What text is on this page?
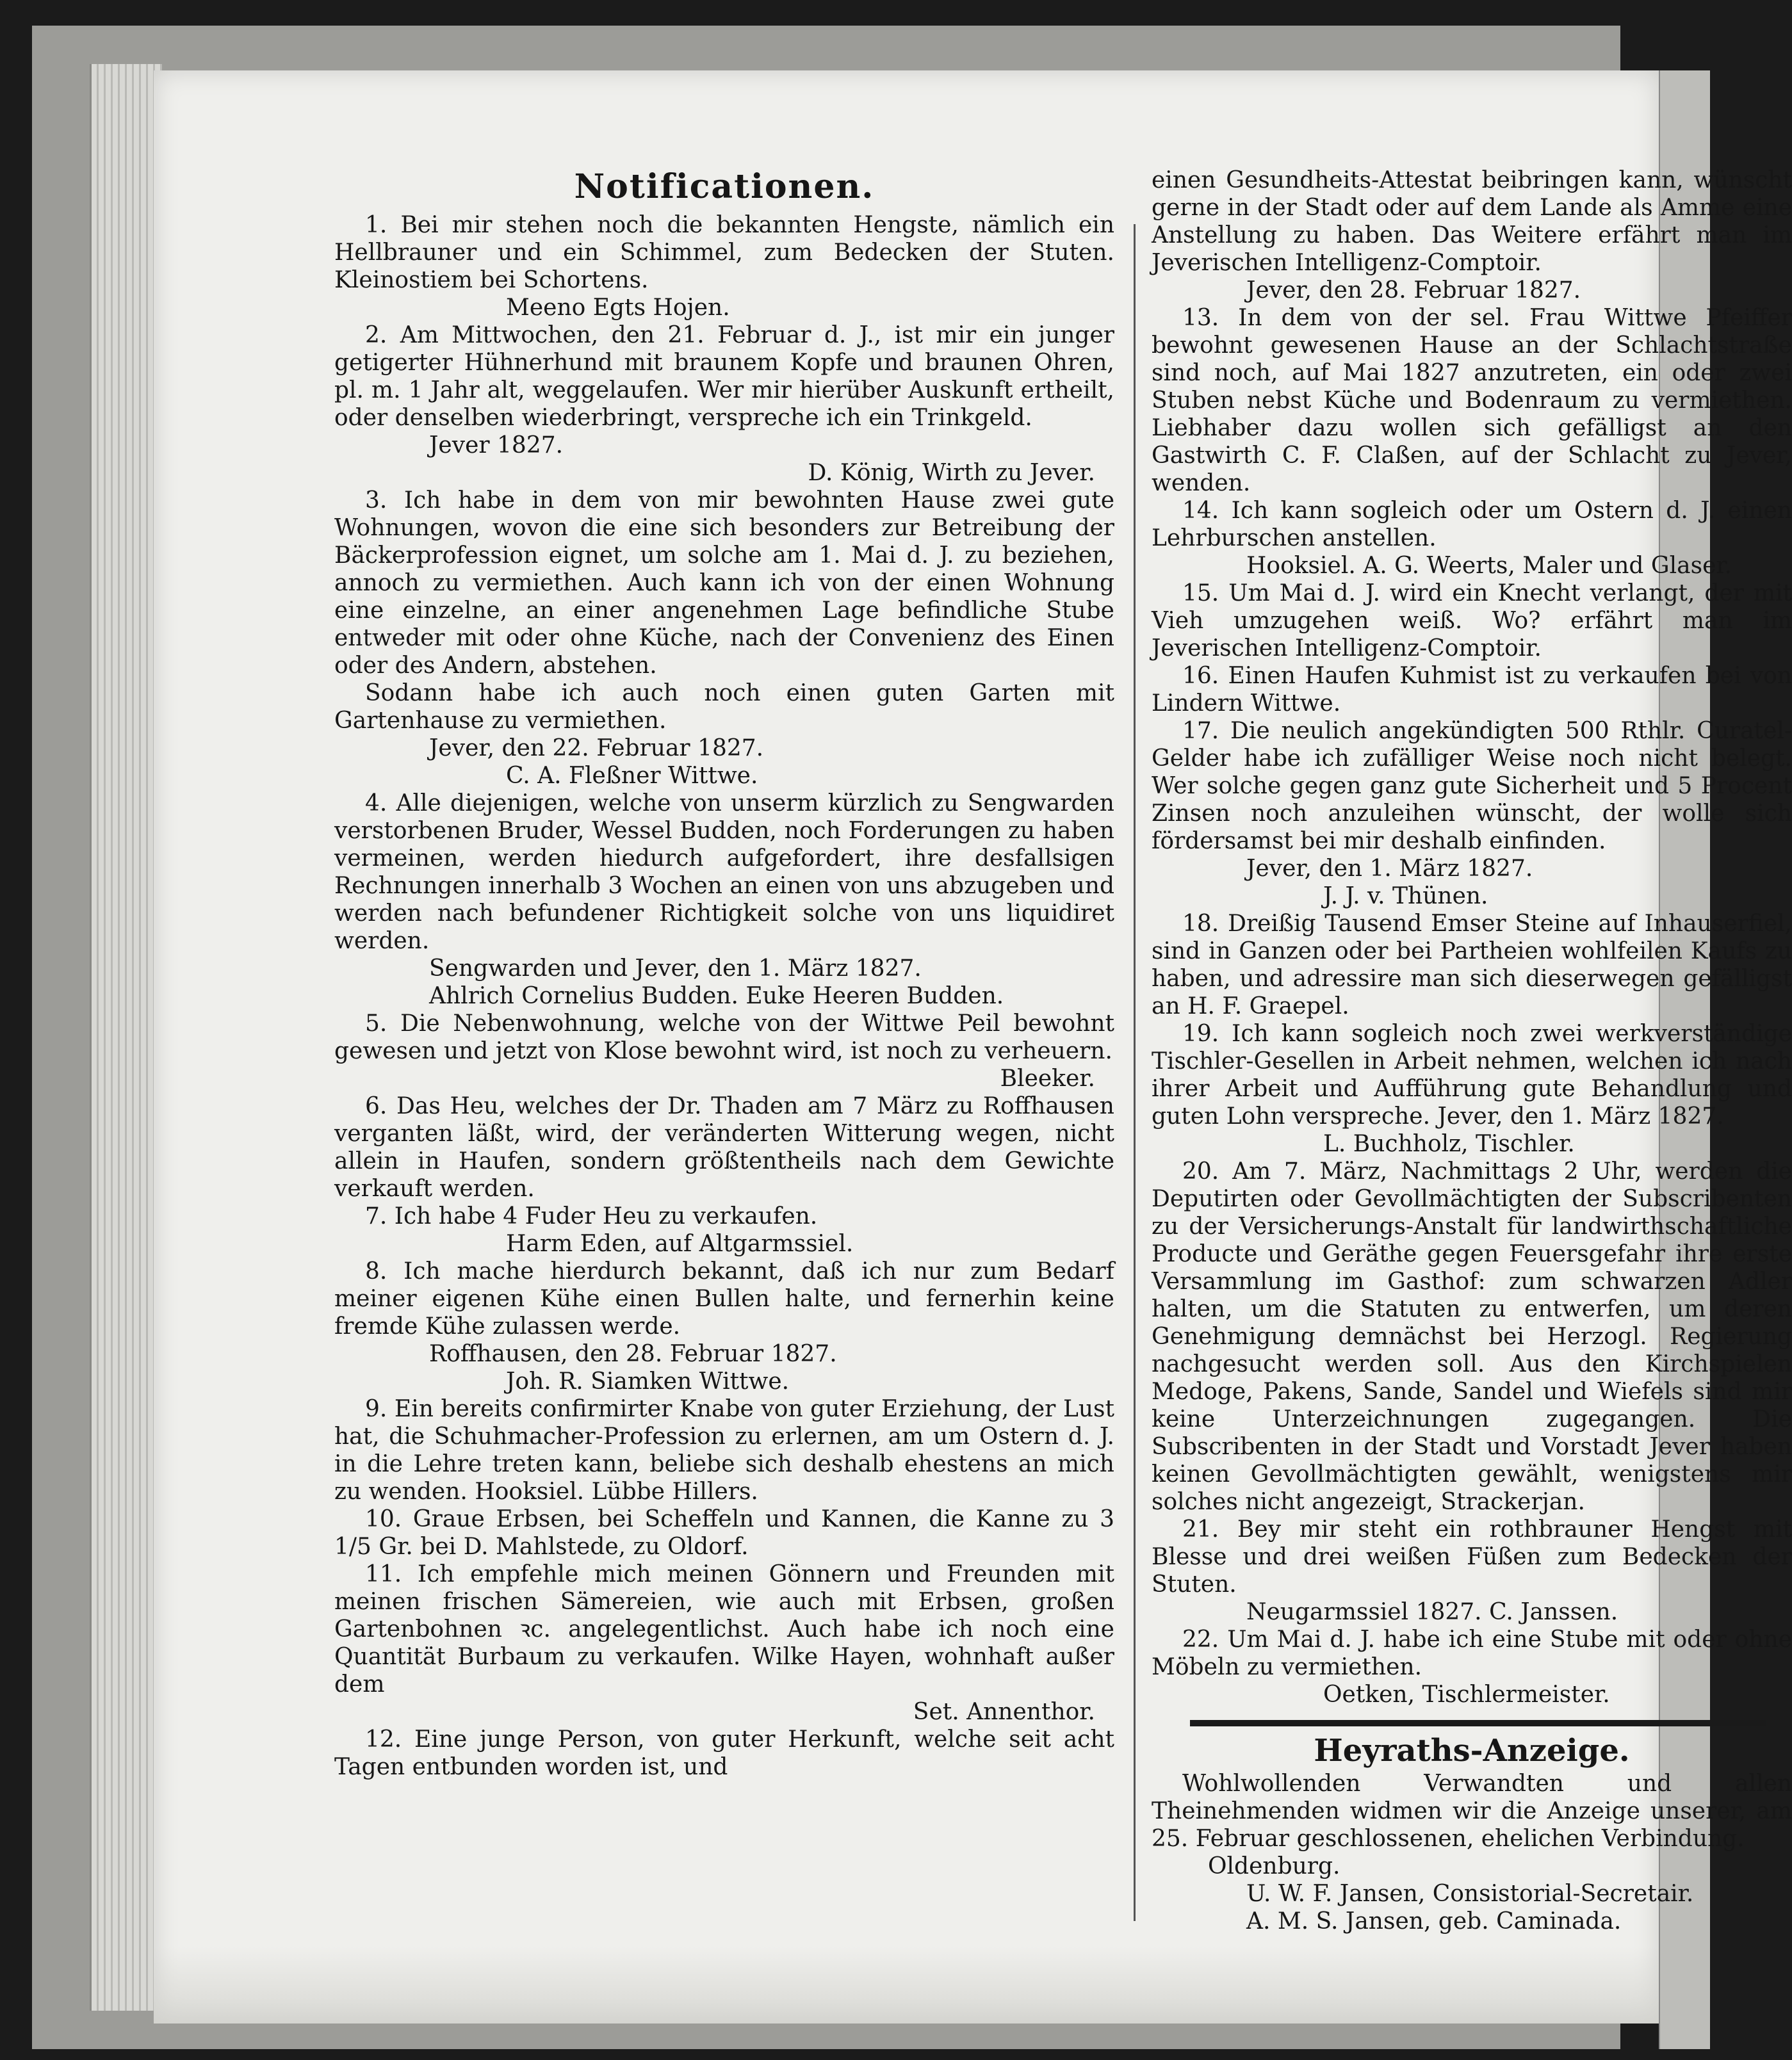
Notificationen.

1. Bei mir stehen noch die bekannten Hengste, nämlich ein Hellbrauner und ein Schimmel, zum Bedecken der Stuten. Kleinostiem bei Schortens.

Meeno Egts Hojen.

2. Am Mittwochen, den 21. Februar d. J., ist mir ein junger getigerter Hühnerhund mit braunem Kopfe und braunen Ohren, pl. m. 1 Jahr alt, weggelaufen. Wer mir hierüber Auskunft ertheilt, oder denselben wiederbringt, verspreche ich ein Trinkgeld.

Jever 1827.

D. König, Wirth zu Jever.

3. Ich habe in dem von mir bewohnten Hause zwei gute Wohnungen, wovon die eine sich besonders zur Betreibung der Bäckerprofession eignet, um solche am 1. Mai d. J. zu beziehen, annoch zu vermiethen. Auch kann ich von der einen Wohnung eine einzelne, an einer angenehmen Lage befindliche Stube entweder mit oder ohne Küche, nach der Convenienz des Einen oder des Andern, abstehen.

Sodann habe ich auch noch einen guten Garten mit Gartenhause zu vermiethen.

Jever, den 22. Februar 1827.

C. A. Fleßner Wittwe.

4. Alle diejenigen, welche von unserm kürzlich zu Sengwarden verstorbenen Bruder, Wessel Budden, noch Forderungen zu haben vermeinen, werden hiedurch aufgefordert, ihre desfallsigen Rechnungen innerhalb 3 Wochen an einen von uns abzugeben und werden nach befundener Richtigkeit solche von uns liquidiret werden.

Sengwarden und Jever, den 1. März 1827.

Ahlrich Cornelius Budden. Euke Heeren Budden.

5. Die Nebenwohnung, welche von der Wittwe Peil bewohnt gewesen und jetzt von Klose bewohnt wird, ist noch zu verheuern.

Bleeker.

6. Das Heu, welches der Dr. Thaden am 7 März zu Roffhausen verganten läßt, wird, der veränderten Witterung wegen, nicht allein in Haufen, sondern größtentheils nach dem Gewichte verkauft werden.

7. Ich habe 4 Fuder Heu zu verkaufen.

Harm Eden, auf Altgarmssiel.

8. Ich mache hierdurch bekannt, daß ich nur zum Bedarf meiner eigenen Kühe einen Bullen halte, und fernerhin keine fremde Kühe zulassen werde.

Roffhausen, den 28. Februar 1827.

Joh. R. Siamken Wittwe.

9. Ein bereits confirmirter Knabe von guter Erziehung, der Lust hat, die Schuhmacher-Profession zu erlernen, am um Ostern d. J. in die Lehre treten kann, beliebe sich deshalb ehestens an mich zu wenden. Hooksiel. Lübbe Hillers.

10. Graue Erbsen, bei Scheffeln und Kannen, die Kanne zu 3 1/5 Gr. bei D. Mahlstede, zu Oldorf.

11. Ich empfehle mich meinen Gönnern und Freunden mit meinen frischen Sämereien, wie auch mit Erbsen, großen Gartenbohnen ꝛc. angelegentlichst. Auch habe ich noch eine Quantität Burbaum zu verkaufen. Wilke Hayen, wohnhaft außer dem

Set. Annenthor.

12. Eine junge Person, von guter Herkunft, welche seit acht Tagen entbunden worden ist, und

einen Gesundheits-Attestat beibringen kann, wünscht gerne in der Stadt oder auf dem Lande als Amme eine Anstellung zu haben. Das Weitere erfährt man im Jeverischen Intelligenz-Comptoir.

Jever, den 28. Februar 1827.

13. In dem von der sel. Frau Wittwe Pfeiffer bewohnt gewesenen Hause an der Schlachtstraße sind noch, auf Mai 1827 anzutreten, ein oder zwei Stuben nebst Küche und Bodenraum zu vermiethen. Liebhaber dazu wollen sich gefälligst an den Gastwirth C. F. Claßen, auf der Schlacht zu Jever, wenden.

14. Ich kann sogleich oder um Ostern d. J. einen Lehrburschen anstellen.

Hooksiel. A. G. Weerts, Maler und Glaser.

15. Um Mai d. J. wird ein Knecht verlangt, der mit Vieh umzugehen weiß. Wo? erfährt man im Jeverischen Intelligenz-Comptoir.

16. Einen Haufen Kuhmist ist zu verkaufen bei von Lindern Wittwe.

17. Die neulich angekündigten 500 Rthlr. Curatel-Gelder habe ich zufälliger Weise noch nicht belegt. Wer solche gegen ganz gute Sicherheit und 5 Procent Zinsen noch anzuleihen wünscht, der wolle sich fördersamst bei mir deshalb einfinden.

Jever, den 1. März 1827.

J. J. v. Thünen.

18. Dreißig Tausend Emser Steine auf Inhauserfiel, sind in Ganzen oder bei Partheien wohlfeilen Kaufs zu haben, und adressire man sich dieserwegen gefälligst an H. F. Graepel.

19. Ich kann sogleich noch zwei werkverständige Tischler-Gesellen in Arbeit nehmen, welchen ich nach ihrer Arbeit und Aufführung gute Behandlung und guten Lohn verspreche. Jever, den 1. März 1827.

L. Buchholz, Tischler.

20. Am 7. März, Nachmittags 2 Uhr, werden die Deputirten oder Gevollmächtigten der Subscribenten zu der Versicherungs-Anstalt für landwirthschaftliche Producte und Geräthe gegen Feuersgefahr ihre erste Versammlung im Gasthof: zum schwarzen Adler halten, um die Statuten zu entwerfen, um deren Genehmigung demnächst bei Herzogl. Regierung nachgesucht werden soll. Aus den Kirchspielen Medoge, Pakens, Sande, Sandel und Wiefels sind mir keine Unterzeichnungen zugegangen. Die Subscribenten in der Stadt und Vorstadt Jever haben keinen Gevollmächtigten gewählt, wenigstens mir solches nicht angezeigt, Strackerjan.

21. Bey mir steht ein rothbrauner Hengst mit Blesse und drei weißen Füßen zum Bedecken der Stuten.

Neugarmssiel 1827. C. Janssen.

22. Um Mai d. J. habe ich eine Stube mit oder ohne Möbeln zu vermiethen.

Oetken, Tischlermeister.

Heyraths-Anzeige.

Wohlwollenden Verwandten und allen Theinehmenden widmen wir die Anzeige unserer, am 25. Februar geschlossenen, ehelichen Verbindung.

Oldenburg.

U. W. F. Jansen, Consistorial-Secretair.

A. M. S. Jansen, geb. Caminada.
